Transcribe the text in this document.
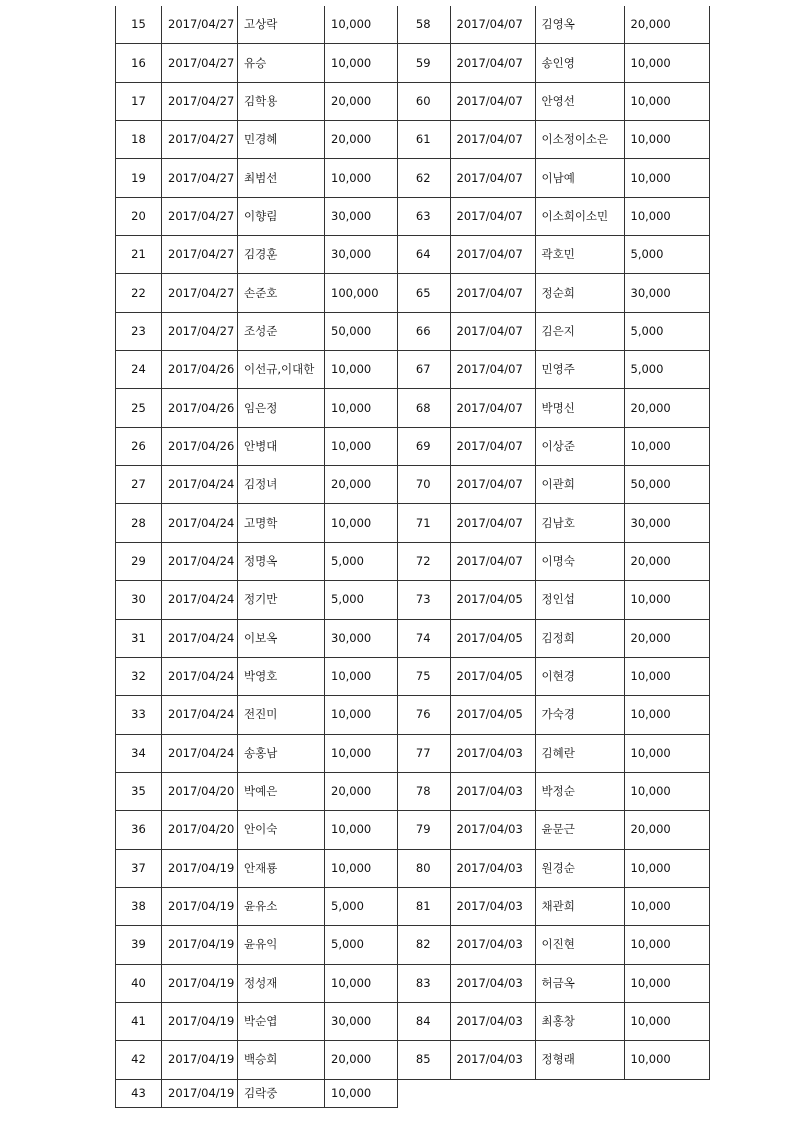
15	2017/04/27	고상락	10,000
16	2017/04/27	유승	10,000
17	2017/04/27	김학용	20,000
18	2017/04/27	민경혜	20,000
19	2017/04/27	최범선	10,000
20	2017/04/27	이향림	30,000
21	2017/04/27	김경훈	30,000
22	2017/04/27	손준호	100,000
23	2017/04/27	조성준	50,000
24	2017/04/26	이선규,이대한	10,000
25	2017/04/26	임은정	10,000
26	2017/04/26	안병대	10,000
27	2017/04/24	김정녀	20,000
28	2017/04/24	고명학	10,000
29	2017/04/24	정명옥	5,000
30	2017/04/24	정기만	5,000
31	2017/04/24	이보옥	30,000
32	2017/04/24	박영호	10,000
33	2017/04/24	전진미	10,000
34	2017/04/24	송홍남	10,000
35	2017/04/20	박예은	20,000
36	2017/04/20	안이숙	10,000
37	2017/04/19	안재룡	10,000
38	2017/04/19	윤유소	5,000
39	2017/04/19	윤유익	5,000
40	2017/04/19	정성재	10,000
41	2017/04/19	박순엽	30,000
42	2017/04/19	백승희	20,000
43	2017/04/19	김락중	10,000
58	2017/04/07	김영옥	20,000
59	2017/04/07	송인영	10,000
60	2017/04/07	안영선	10,000
61	2017/04/07	이소정이소은	10,000
62	2017/04/07	이남예	10,000
63	2017/04/07	이소희이소민	10,000
64	2017/04/07	곽호민	5,000
65	2017/04/07	정순희	30,000
66	2017/04/07	김은지	5,000
67	2017/04/07	민영주	5,000
68	2017/04/07	박명신	20,000
69	2017/04/07	이상준	10,000
70	2017/04/07	이관희	50,000
71	2017/04/07	김남호	30,000
72	2017/04/07	이명숙	20,000
73	2017/04/05	정인섭	10,000
74	2017/04/05	김정희	20,000
75	2017/04/05	이현경	10,000
76	2017/04/05	가숙경	10,000
77	2017/04/03	김혜란	10,000
78	2017/04/03	박정순	10,000
79	2017/04/03	윤문근	20,000
80	2017/04/03	원경순	10,000
81	2017/04/03	채관희	10,000
82	2017/04/03	이진현	10,000
83	2017/04/03	허금옥	10,000
84	2017/04/03	최홍창	10,000
85	2017/04/03	정형래	10,000
